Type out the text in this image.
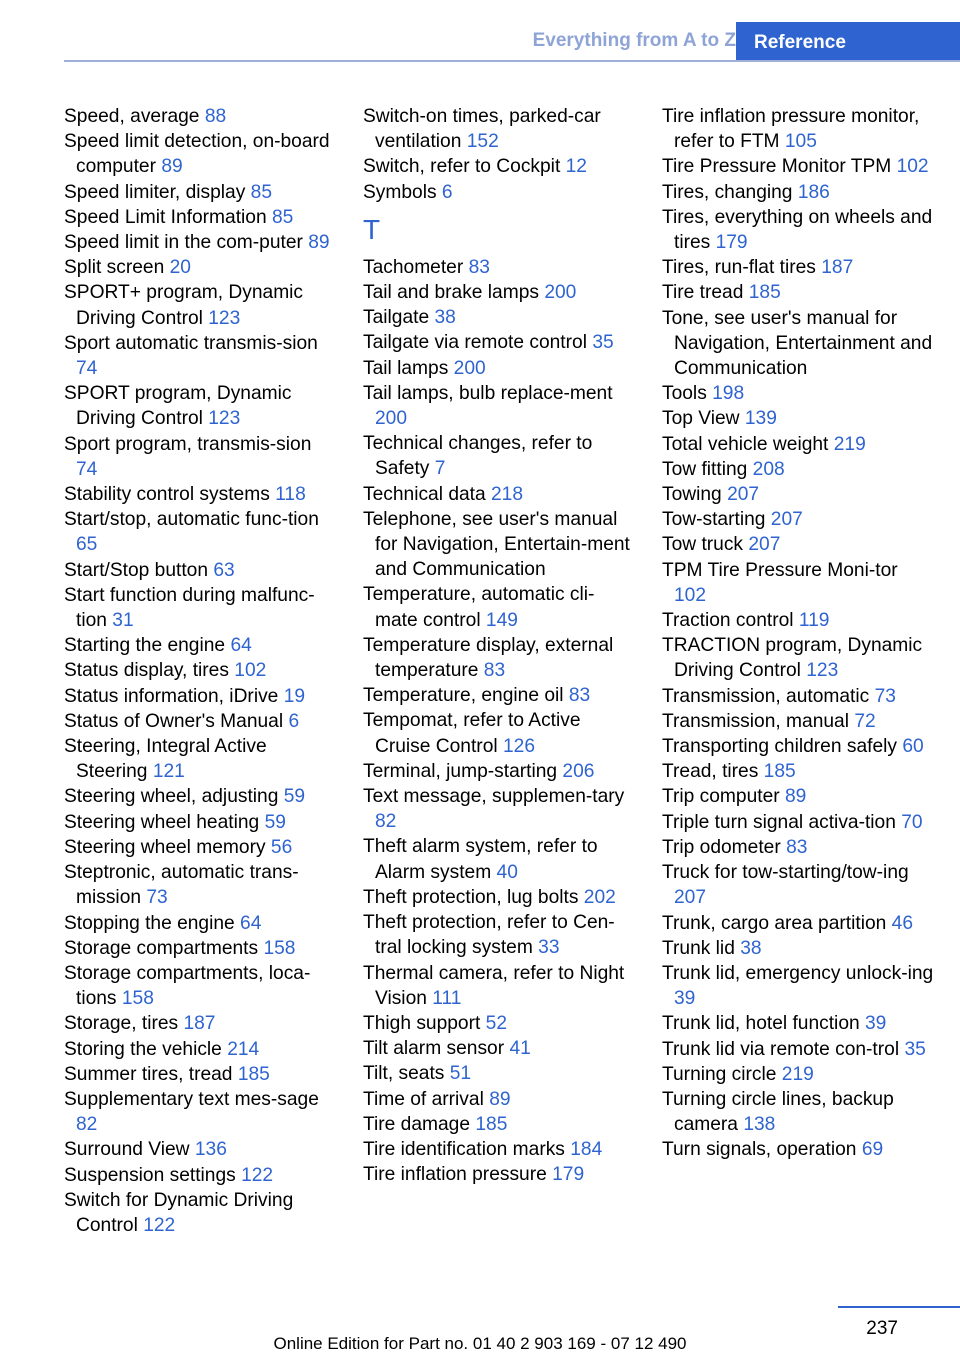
Everything from A to Z Reference
Speed, average 88
Speed limit detection, on-board computer 89
Speed limiter, display 85
Speed Limit Information 85
Speed limit in the com-puter 89
Split screen 20
SPORT+ program, Dynamic Driving Control 123
Sport automatic transmis-sion 74
SPORT program, Dynamic Driving Control 123
Sport program, transmis-sion 74
Stability control systems 118
Start/stop, automatic func-tion 65
Start/Stop button 63
Start function during malfunc-tion 31
Starting the engine 64
Status display, tires 102
Status information, iDrive 19
Status of Owner's Manual 6
Steering, Integral Active Steering 121
Steering wheel, adjusting 59
Steering wheel heating 59
Steering wheel memory 56
Steptronic, automatic trans-mission 73
Stopping the engine 64
Storage compartments 158
Storage compartments, loca-tions 158
Storage, tires 187
Storing the vehicle 214
Summer tires, tread 185
Supplementary text mes-sage 82
Surround View 136
Suspension settings 122
Switch for Dynamic Driving Control 122
Switch-on times, parked-car ventilation 152
Switch, refer to Cockpit 12
Symbols 6
T
Tachometer 83
Tail and brake lamps 200
Tailgate 38
Tailgate via remote control 35
Tail lamps 200
Tail lamps, bulb replace-ment 200
Technical changes, refer to Safety 7
Technical data 218
Telephone, see user's manual for Navigation, Entertain-ment and Communication
Temperature, automatic cli-mate control 149
Temperature display, external temperature 83
Temperature, engine oil 83
Tempomat, refer to Active Cruise Control 126
Terminal, jump-starting 206
Text message, supplemen-tary 82
Theft alarm system, refer to Alarm system 40
Theft protection, lug bolts 202
Theft protection, refer to Cen-tral locking system 33
Thermal camera, refer to Night Vision 111
Thigh support 52
Tilt alarm sensor 41
Tilt, seats 51
Time of arrival 89
Tire damage 185
Tire identification marks 184
Tire inflation pressure 179
Tire inflation pressure monitor, refer to FTM 105
Tire Pressure Monitor TPM 102
Tires, changing 186
Tires, everything on wheels and tires 179
Tires, run-flat tires 187
Tire tread 185
Tone, see user's manual for Navigation, Entertainment and Communication
Tools 198
Top View 139
Total vehicle weight 219
Tow fitting 208
Towing 207
Tow-starting 207
Tow truck 207
TPM Tire Pressure Moni-tor 102
Traction control 119
TRACTION program, Dynamic Driving Control 123
Transmission, automatic 73
Transmission, manual 72
Transporting children safely 60
Tread, tires 185
Trip computer 89
Triple turn signal activa-tion 70
Trip odometer 83
Truck for tow-starting/tow-ing 207
Trunk, cargo area partition 46
Trunk lid 38
Trunk lid, emergency unlock-ing 39
Trunk lid, hotel function 39
Trunk lid via remote con-trol 35
Turning circle 219
Turning circle lines, backup camera 138
Turn signals, operation 69
237
Online Edition for Part no. 01 40 2 903 169 - 07 12 490
